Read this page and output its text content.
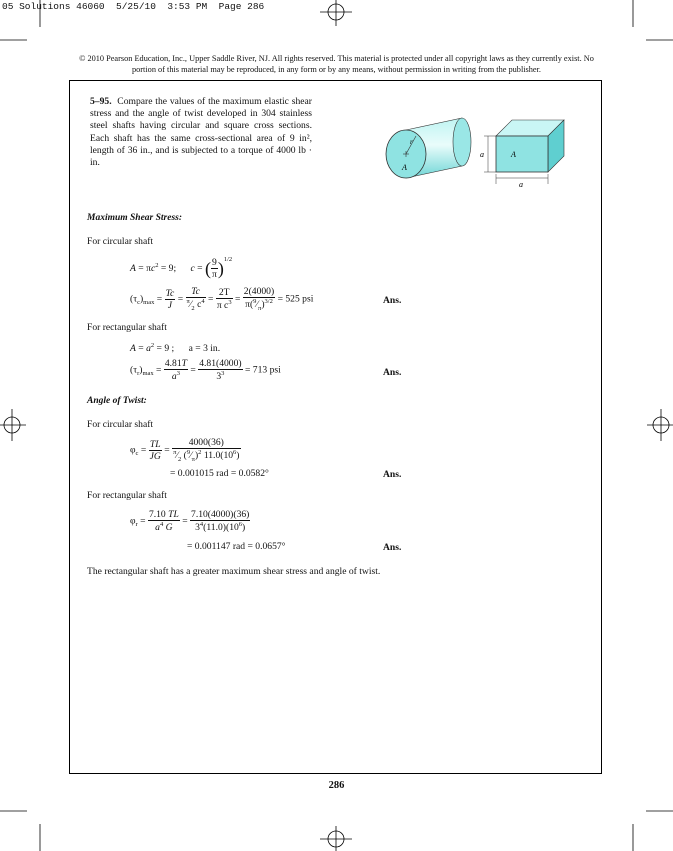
05 Solutions 46060  5/25/10  3:53 PM  Page 286
© 2010 Pearson Education, Inc., Upper Saddle River, NJ. All rights reserved. This material is protected under all copyright laws as they currently exist. No portion of this material may be reproduced, in any form or by any means, without permission in writing from the publisher.
5–95. Compare the values of the maximum elastic shear stress and the angle of twist developed in 304 stainless steel shafts having circular and square cross sections. Each shaft has the same cross-sectional area of 9 in², length of 36 in., and is subjected to a torque of 4000 lb · in.
r
A
A
a
a
Maximum Shear Stress:
For circular shaft
$A = \pi c^2 = 9$;      c = ( $\frac{9}{\pi} )^{1/2}$
$(\tau_c)_{max} = \frac{Tc}{J} = \frac{Tc}{^\pi⁄_2 c^4} = \frac{2T}{\pi c^3} = \frac{2(4000)}{\pi(^9⁄_\pi)^{3/2}} = 525$ psi	Ans.
For rectangular shaft
$A = a^2 = 9$ ;      a = 3 in.
$(\tau_r)_{max} = \frac{4.81T}{a^3} = \frac{4.81(4000)}{3^3} = 713$ psi	Ans.
Angle of Twist:
For circular shaft
$\varphi_c = \frac{TL}{JG} = \frac{4000(36)}{^\pi⁄_2 (^9⁄_\pi)^2 11.0(10^6)}$
= 0.001015 rad = 0.0582°	Ans.
For rectangular shaft
$\varphi_r = \frac{7.10 TL}{a^4 G} = \frac{7.10(4000)(36)}{3^4(11.0)(10^6)}$
= 0.001147 rad = 0.0657°	Ans.
The rectangular shaft has a greater maximum shear stress and angle of twist.
286
